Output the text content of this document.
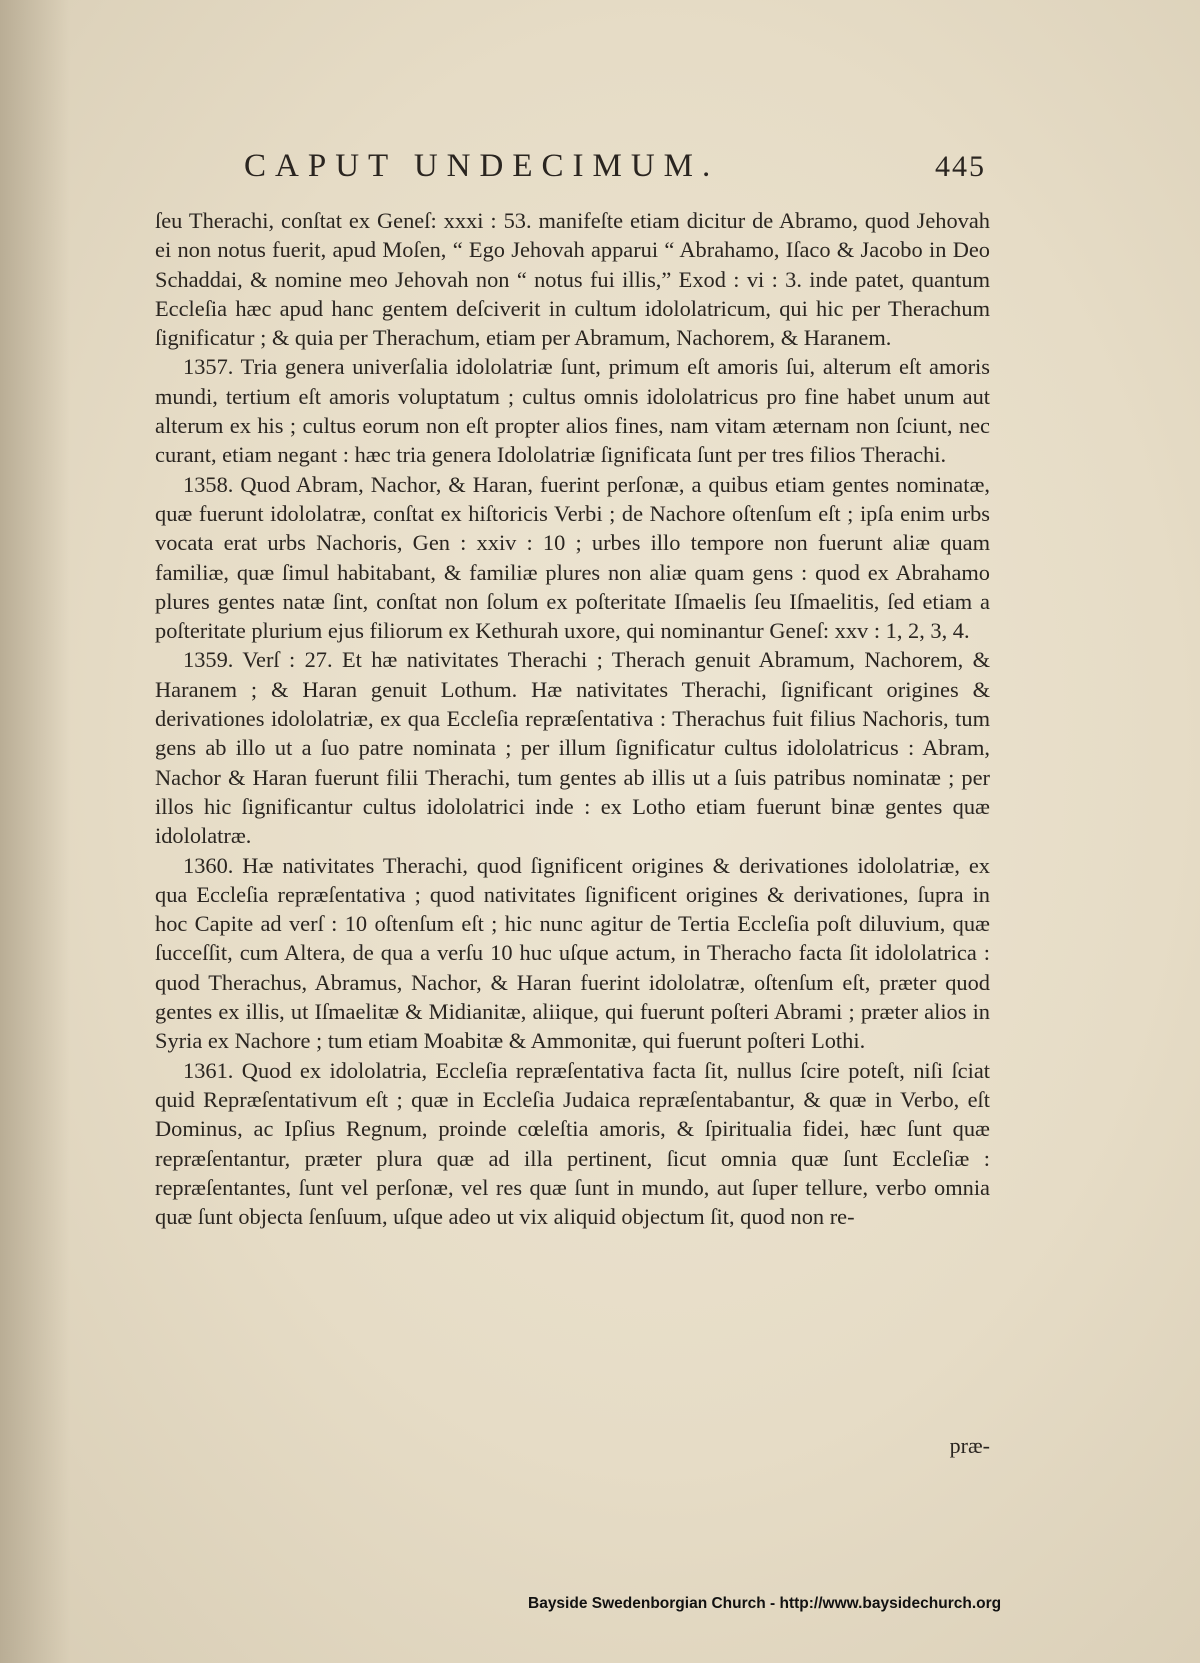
CAPUT UNDECIMUM.	445

ſeu Therachi, conſtat ex Geneſ: xxxi : 53. manifeſte etiam dicitur de Abramo, quod Jehovah ei non notus fuerit, apud Moſen, “ Ego Jehovah apparui “ Abrahamo, Iſaco & Jacobo in Deo Schaddai, & nomine meo Jehovah non “ notus fui illis,” Exod : vi : 3. inde patet, quantum Eccleſia hæc apud hanc gentem deſciverit in cultum idololatricum, qui hic per Therachum ſignificatur ; & quia per Therachum, etiam per Abramum, Nachorem, & Haranem.

1357. Tria genera univerſalia idololatriæ ſunt, primum eſt amoris ſui, alterum eſt amoris mundi, tertium eſt amoris voluptatum ; cultus omnis idololatricus pro fine habet unum aut alterum ex his ; cultus eorum non eſt propter alios fines, nam vitam æternam non ſciunt, nec curant, etiam negant : hæc tria genera Idololatriæ ſignificata ſunt per tres filios Therachi.

1358. Quod Abram, Nachor, & Haran, fuerint perſonæ, a quibus etiam gentes nominatæ, quæ fuerunt idololatræ, conſtat ex hiſtoricis Verbi ; de Nachore oſtenſum eſt ; ipſa enim urbs vocata erat urbs Nachoris, Gen : xxiv : 10 ; urbes illo tempore non fuerunt aliæ quam familiæ, quæ ſimul habitabant, & familiæ plures non aliæ quam gens : quod ex Abrahamo plures gentes natæ ſint, conſtat non ſolum ex poſteritate Iſmaelis ſeu Iſmaelitis, ſed etiam a poſteritate plurium ejus filiorum ex Kethurah uxore, qui nominantur Geneſ: xxv : 1, 2, 3, 4.

1359. Verſ : 27. Et hæ nativitates Therachi ; Therach genuit Abramum, Nachorem, & Haranem ; & Haran genuit Lothum. Hæ nativitates Therachi, ſignificant origines & derivationes idololatriæ, ex qua Eccleſia repræſentativa : Therachus fuit filius Nachoris, tum gens ab illo ut a ſuo patre nominata ; per illum ſignificatur cultus idololatricus : Abram, Nachor & Haran fuerunt filii Therachi, tum gentes ab illis ut a ſuis patribus nominatæ ; per illos hic ſignificantur cultus idololatrici inde : ex Lotho etiam fuerunt binæ gentes quæ idololatræ.

1360. Hæ nativitates Therachi, quod ſignificent origines & derivationes idololatriæ, ex qua Eccleſia repræſentativa ; quod nativitates ſignificent origines & derivationes, ſupra in hoc Capite ad verſ : 10 oſtenſum eſt ; hic nunc agitur de Tertia Eccleſia poſt diluvium, quæ ſucceſſit, cum Altera, de qua a verſu 10 huc uſque actum, in Theracho facta ſit idololatrica : quod Therachus, Abramus, Nachor, & Haran fuerint idololatræ, oſtenſum eſt, præter quod gentes ex illis, ut Iſmaelitæ & Midianitæ, aliique, qui fuerunt poſteri Abrami ; præter alios in Syria ex Nachore ; tum etiam Moabitæ & Ammonitæ, qui fuerunt poſteri Lothi.

1361. Quod ex idololatria, Eccleſia repræſentativa facta ſit, nullus ſcire poteſt, niſi ſciat quid Repræſentativum eſt ; quæ in Eccleſia Judaica repræſentabantur, & quæ in Verbo, eſt Dominus, ac Ipſius Regnum, proinde cœleſtia amoris, & ſpiritualia fidei, hæc ſunt quæ repræſentantur, præter plura quæ ad illa pertinent, ſicut omnia quæ ſunt Eccleſiæ : repræſentantes, ſunt vel perſonæ, vel res quæ ſunt in mundo, aut ſuper tellure, verbo omnia quæ ſunt objecta ſenſuum, uſque adeo ut vix aliquid objectum ſit, quod non re-

præ-
Bayside Swedenborgian Church - http://www.baysidechurch.org
